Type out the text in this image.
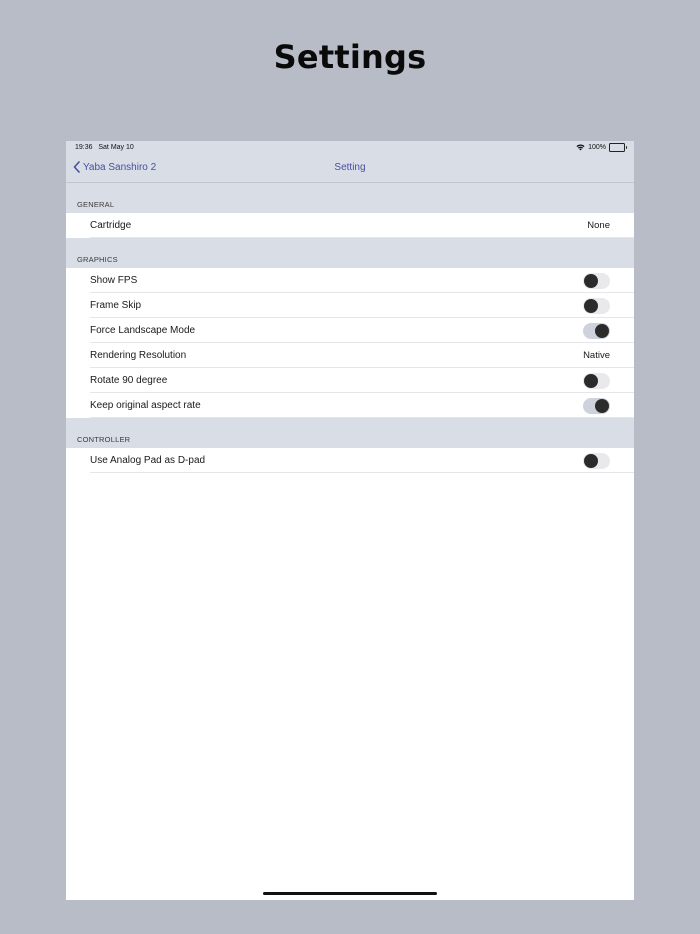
Settings
19:36 Sat May 10	100%
Yaba Sanshiro 2	Setting
GENERAL
Cartridge	None
GRAPHICS
Show FPS
Frame Skip
Force Landscape Mode
Rendering Resolution	Native
Rotate 90 degree
Keep original aspect rate
CONTROLLER
Use Analog Pad as D-pad
